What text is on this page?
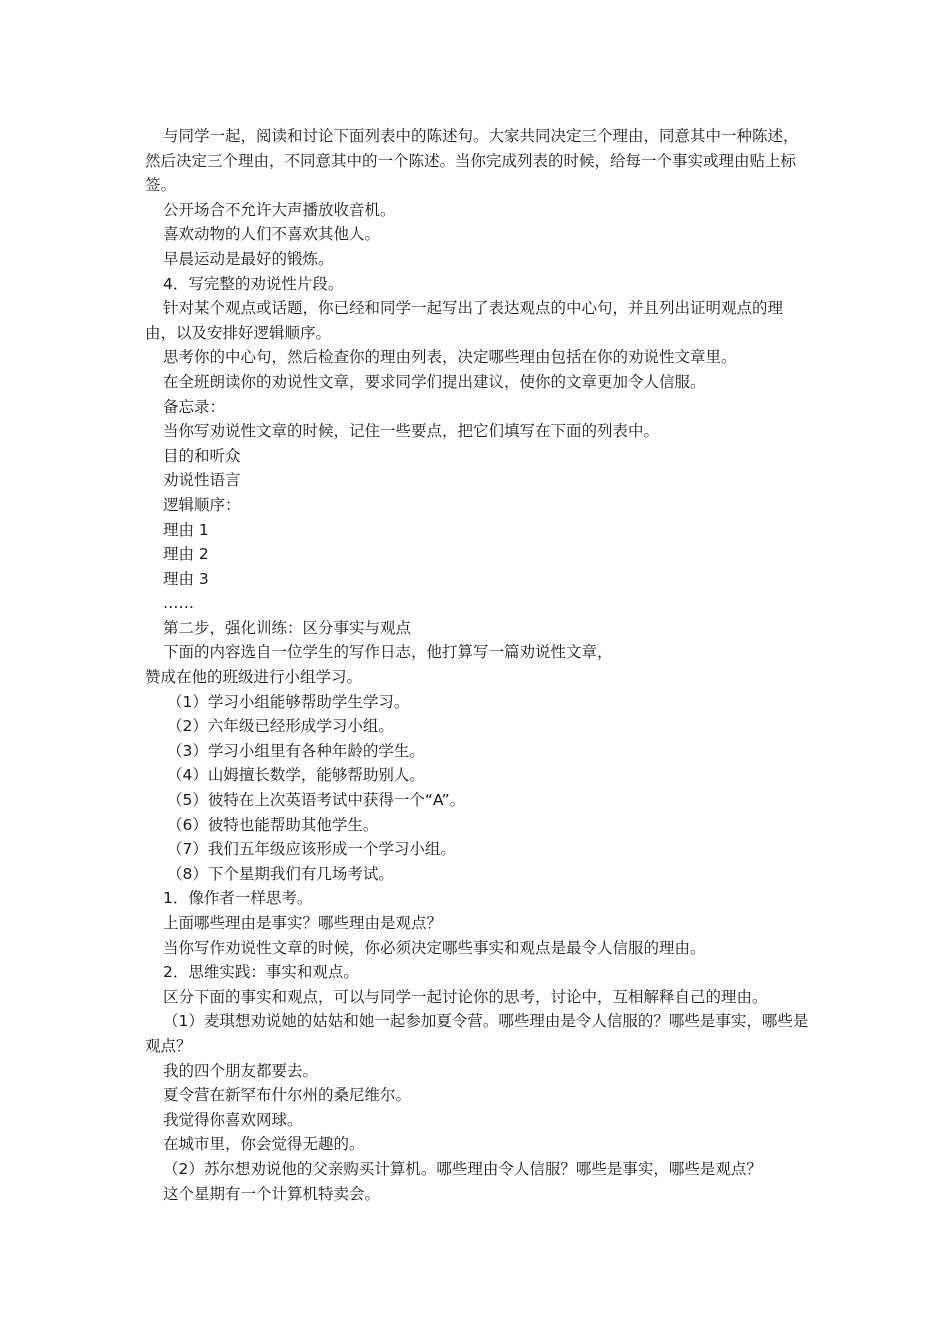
与同学一起，阅读和讨论下面列表中的陈述句。大家共同决定三个理由，同意其中一种陈述，然后决定三个理由，不同意其中的一个陈述。当你完成列表的时候，给每一个事实或理由贴上标签。

公开场合不允许大声播放收音机。

喜欢动物的人们不喜欢其他人。

早晨运动是最好的锻炼。

4．写完整的劝说性片段。

针对某个观点或话题，你已经和同学一起写出了表达观点的中心句，并且列出证明观点的理由，以及安排好逻辑顺序。

思考你的中心句，然后检查你的理由列表，决定哪些理由包括在你的劝说性文章里。

在全班朗读你的劝说性文章，要求同学们提出建议，使你的文章更加令人信服。

备忘录：

当你写劝说性文章的时候，记住一些要点，把它们填写在下面的列表中。

目的和听众

劝说性语言

逻辑顺序：

理由 1

理由 2

理由 3

……

第二步，强化训练：区分事实与观点

下面的内容选自一位学生的写作日志，他打算写一篇劝说性文章，

赞成在他的班级进行小组学习。

（1）学习小组能够帮助学生学习。

（2）六年级已经形成学习小组。

（3）学习小组里有各种年龄的学生。

（4）山姆擅长数学，能够帮助别人。

（5）彼特在上次英语考试中获得一个“A”。

（6）彼特也能帮助其他学生。

（7）我们五年级应该形成一个学习小组。

（8）下个星期我们有几场考试。

1．像作者一样思考。

上面哪些理由是事实？哪些理由是观点？

当你写作劝说性文章的时候，你必须决定哪些事实和观点是最令人信服的理由。

2．思维实践：事实和观点。

区分下面的事实和观点，可以与同学一起讨论你的思考，讨论中，互相解释自己的理由。

（1）麦琪想劝说她的姑姑和她一起参加夏令营。哪些理由是令人信服的？哪些是事实，哪些是观点？

我的四个朋友都要去。

夏令营在新罕布什尔州的桑尼维尔。

我觉得你喜欢网球。

在城市里，你会觉得无趣的。

（2）苏尔想劝说他的父亲购买计算机。哪些理由令人信服？哪些是事实，哪些是观点？

这个星期有一个计算机特卖会。
